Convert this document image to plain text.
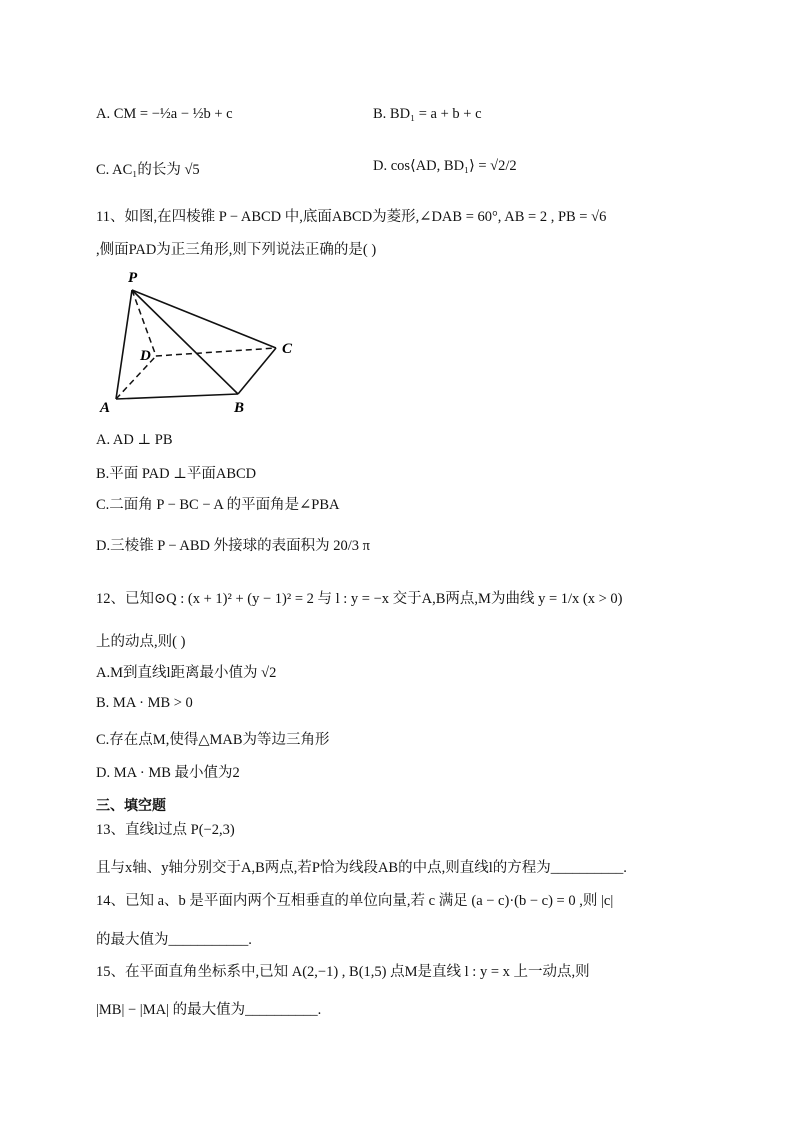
A. CM = −½a − ½b + c	B. BD₁ = a + b + c
C. AC₁的长为 √5	D. cos⟨AD, BD₁⟩ = √2/2
11、如图,在四棱锥 P − ABCD 中,底面ABCD为菱形,∠DAB = 60°, AB = 2 , PB = √6
,侧面PAD为正三角形,则下列说法正确的是( )
P
D	C
A	B
A. AD ⊥ PB
B.平面 PAD ⊥平面ABCD
C.二面角 P − BC − A 的平面角是∠PBA
D.三棱锥 P − ABD 外接球的表面积为 20/3 π
12、已知⊙Q : (x + 1)² + (y − 1)² = 2 与 l : y = −x 交于A,B两点,M为曲线 y = 1/x (x > 0)
上的动点,则( )
A.M到直线l距离最小值为 √2
B. MA · MB > 0
C.存在点M,使得△MAB为等边三角形
D. MA · MB 最小值为2
三、填空题
13、直线l过点 P(−2,3)
且与x轴、y轴分别交于A,B两点,若P恰为线段AB的中点,则直线l的方程为__________.
14、已知 a、b 是平面内两个互相垂直的单位向量,若 c 满足 (a − c)·(b − c) = 0 ,则 |c|
的最大值为___________.
15、在平面直角坐标系中,已知 A(2,−1) , B(1,5) 点M是直线 l : y = x 上一动点,则
|MB| − |MA| 的最大值为__________.
